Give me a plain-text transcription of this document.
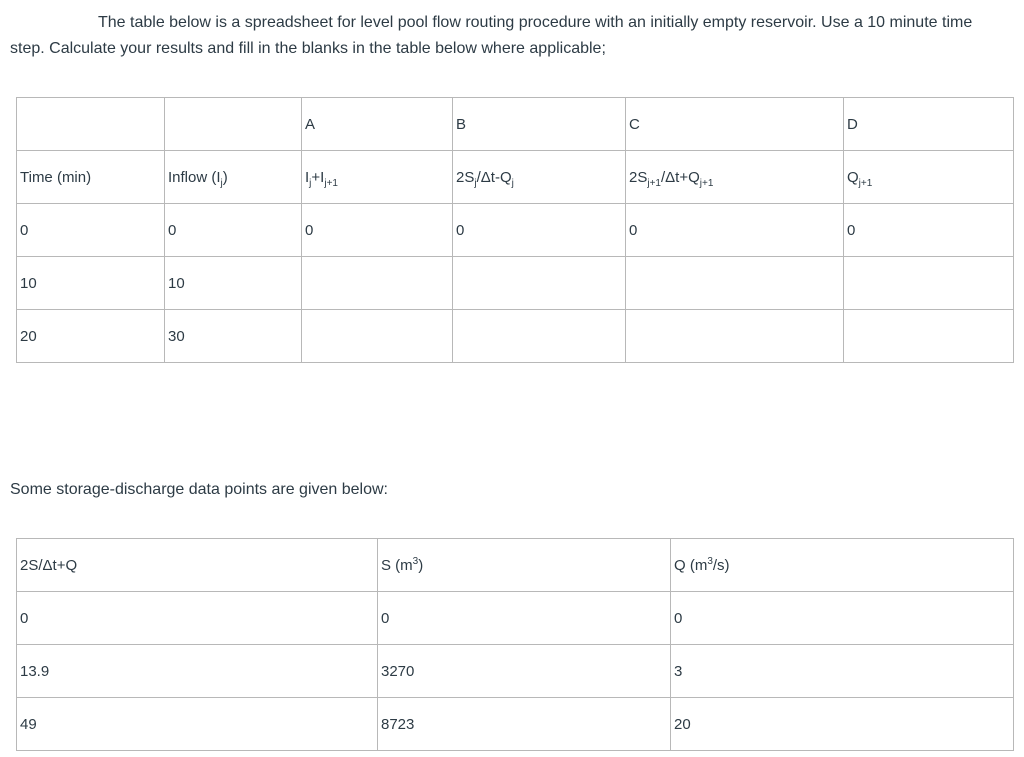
The table below is a spreadsheet for level pool flow routing procedure with an initially empty reservoir. Use a 10 minute time step. Calculate your results and fill in the blanks in the table below where applicable;
		A	B	C	D
Time (min)	Inflow $(I_j)$	$I_j+I_{j+1}$	$2S_j/\Delta t-Q_j$	$2S_{j+1}/\Delta t+Q_{j+1}$	$Q_{j+1}$
0	0	0	0	0	0
10	10				
20	30				
Some storage-discharge data points are given below:
2S/Δt+Q	S $(m^3)$	Q $(m^3/s)$
0	0	0
13.9	3270	3
49	8723	20
